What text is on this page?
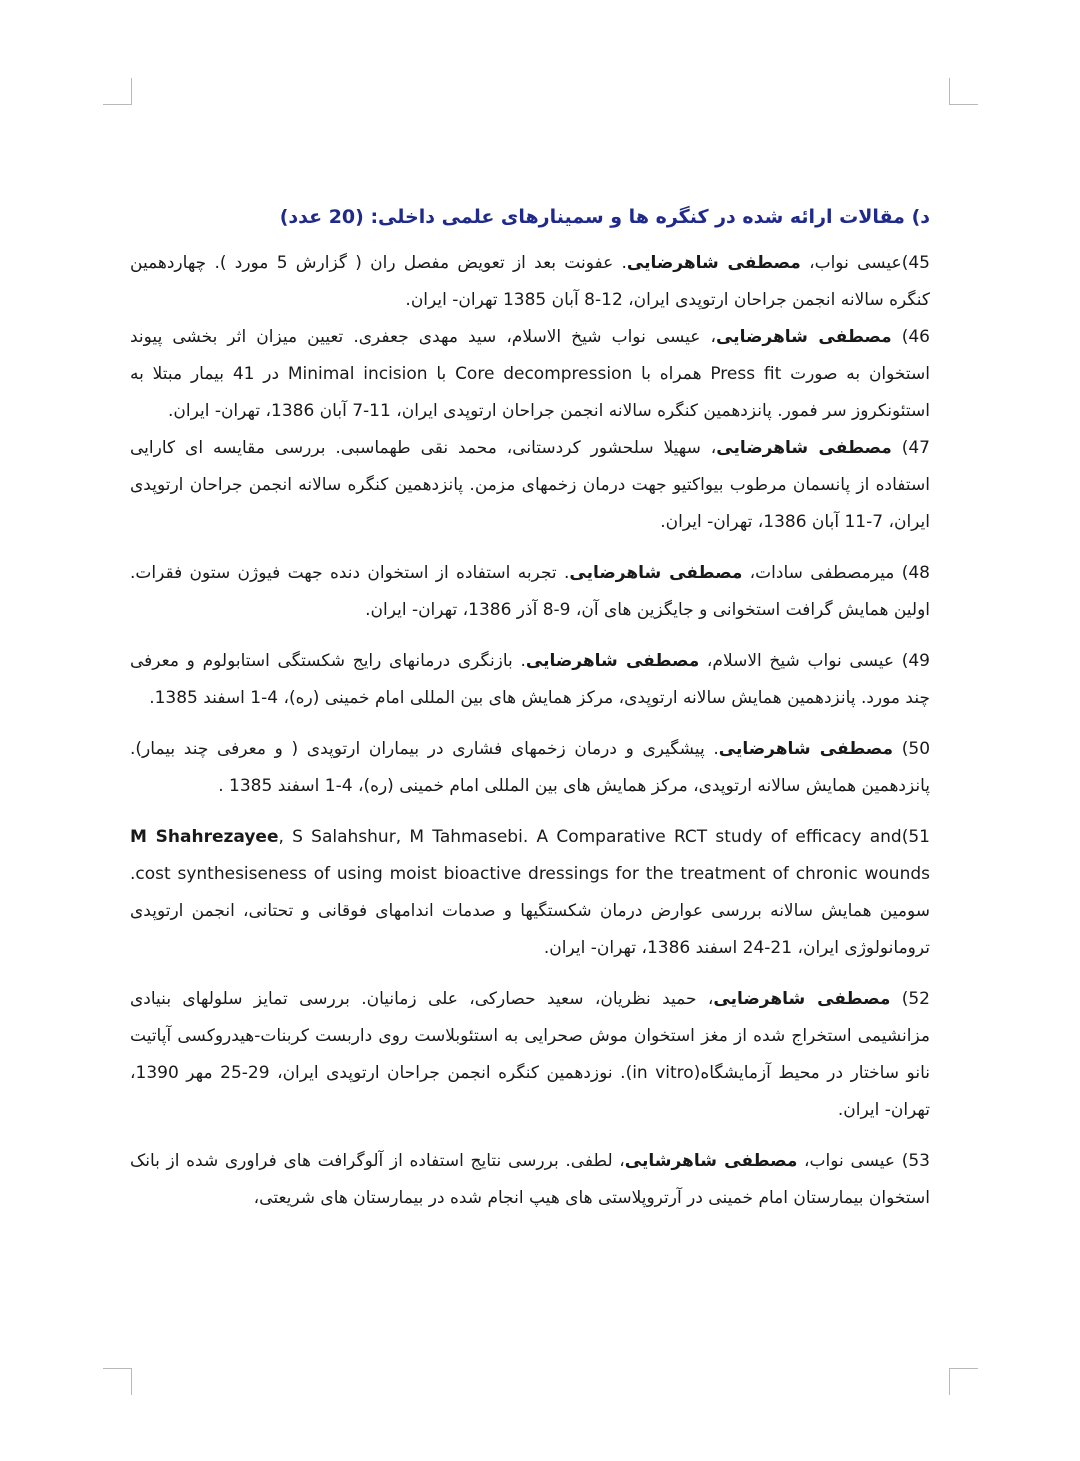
د) مقالات ارائه شده در کنگره ها و سمینارهای علمی داخلی: (20 عدد)

45)عیسی نواب، مصطفی شاهرضایی. عفونت بعد از تعویض مفصل ران ( گزارش 5 مورد ). چهاردهمین کنگره سالانه انجمن جراحان ارتوپدی ایران، 12-8 آبان 1385 تهران- ایران.

46) مصطفی شاهرضایی، عیسی نواب شیخ الاسلام، سید مهدی جعفری. تعیین میزان اثر بخشی پیوند استخوان به صورت Press fit همراه با Core decompression با Minimal incision در 41 بیمار مبتلا به استئونکروز سر فمور. پانزدهمین کنگره سالانه انجمن جراحان ارتوپدی ایران، 11-7 آبان 1386، تهران- ایران.

47) مصطفی شاهرضایی، سهیلا سلحشور کردستانی، محمد نقی طهماسبی. بررسی مقایسه ای کارایی استفاده از پانسمان مرطوب بیواکتیو جهت درمان زخمهای مزمن. پانزدهمین کنگره سالانه انجمن جراحان ارتوپدی ایران، 7-11 آبان 1386، تهران- ایران.

48) میرمصطفی سادات، مصطفی شاهرضایی. تجربه استفاده از استخوان دنده جهت فیوژن ستون فقرات. اولین همایش گرافت استخوانی و جایگزین های آن، 9-8 آذر 1386، تهران- ایران.

49) عیسی نواب شیخ الاسلام، مصطفی شاهرضایی. بازنگری درمانهای رایج شکستگی استابولوم و معرفی چند مورد. پانزدهمین همایش سالانه ارتوپدی، مرکز همایش های بین المللی امام خمینی (ره)، 4-1 اسفند 1385.

50) مصطفی شاهرضایی. پیشگیری و درمان زخمهای فشاری در بیماران ارتوپدی ( و معرفی چند بیمار). پانزدهمین همایش سالانه ارتوپدی، مرکز همایش های بین المللی امام خمینی (ره)، 4-1 اسفند 1385 .

51)M Shahrezayee, S Salahshur, M Tahmasebi. A Comparative RCT study of efficacy and cost synthesiseness of using moist bioactive dressings for the treatment of chronic wounds. سومین همایش سالانه بررسی عوارض درمان شکستگیها و صدمات اندامهای فوقانی و تحتانی، انجمن ارتوپدی ترومانولوژی ایران، 21-24 اسفند 1386، تهران- ایران.

52) مصطفی شاهرضایی، حمید نظریان، سعید حصارکی، علی زمانیان. بررسی تمایز سلولهای بنیادی مزانشیمی استخراج شده از مغز استخوان موش صحرایی به استئوبلاست روی داربست کربنات-هیدروکسی آپاتیت نانو ساختار در محیط آزمایشگاه(in vitro). نوزدهمین کنگره انجمن جراحان ارتوپدی ایران، 29-25 مهر 1390، تهران- ایران.

53) عیسی نواب، مصطفی شاهرشایی، لطفی. بررسی نتایج استفاده از آلوگرافت های فراوری شده از بانک استخوان بیمارستان امام خمینی در آرتروپلاستی های هیپ انجام شده در بیمارستان های شریعتی،
